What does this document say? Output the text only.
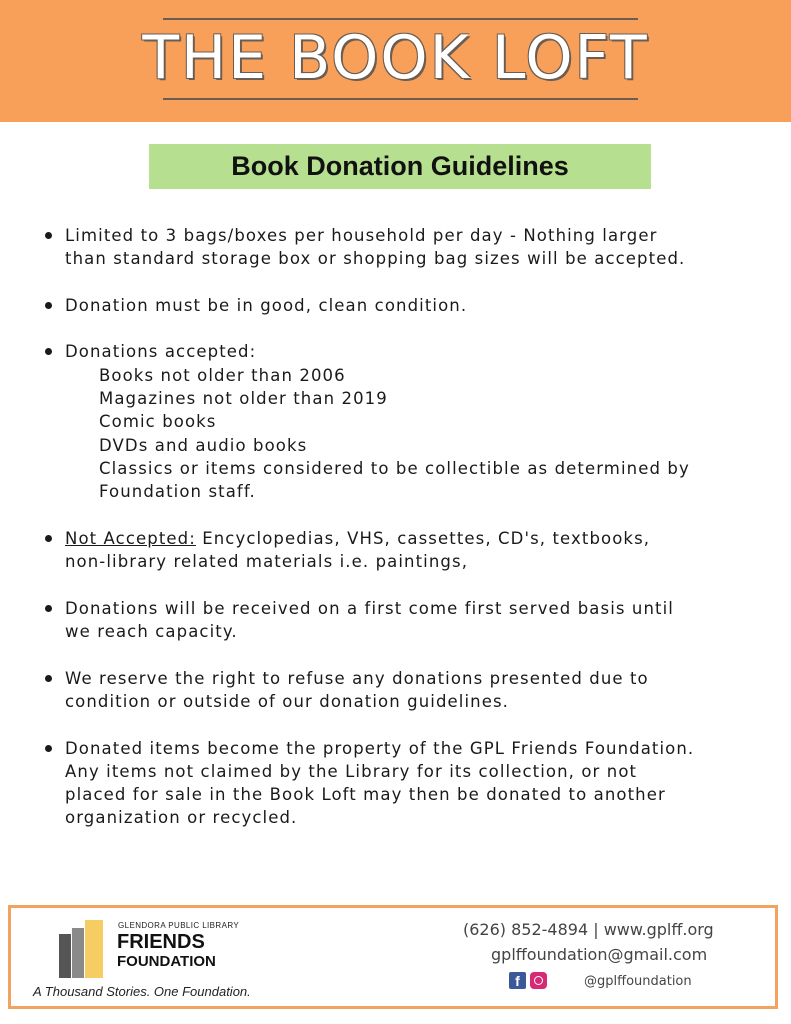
THE BOOK LOFT
Book Donation Guidelines
Limited to 3 bags/boxes per household per day - Nothing larger
than standard storage box or shopping bag sizes will be accepted.
Donation must be in good, clean condition.
Donations accepted:
Books not older than 2006
Magazines not older than 2019
Comic books
DVDs and audio books
Classics or items considered to be collectible as determined by
Foundation staff.
Not Accepted: Encyclopedias, VHS, cassettes, CD's, textbooks,
non-library related materials i.e. paintings,
Donations will be received on a first come first served basis until
we reach capacity.
We reserve the right to refuse any donations presented due to
condition or outside of our donation guidelines.
Donated items become the property of the GPL Friends Foundation.
Any items not claimed by the Library for its collection, or not
placed for sale in the Book Loft may then be donated to another
organization or recycled.
GLENDORA PUBLIC LIBRARY
FRIENDS
FOUNDATION
A Thousand Stories. One Foundation.
(626) 852-4894 | www.gplff.org
gplffoundation@gmail.com
f	@gplffoundation
